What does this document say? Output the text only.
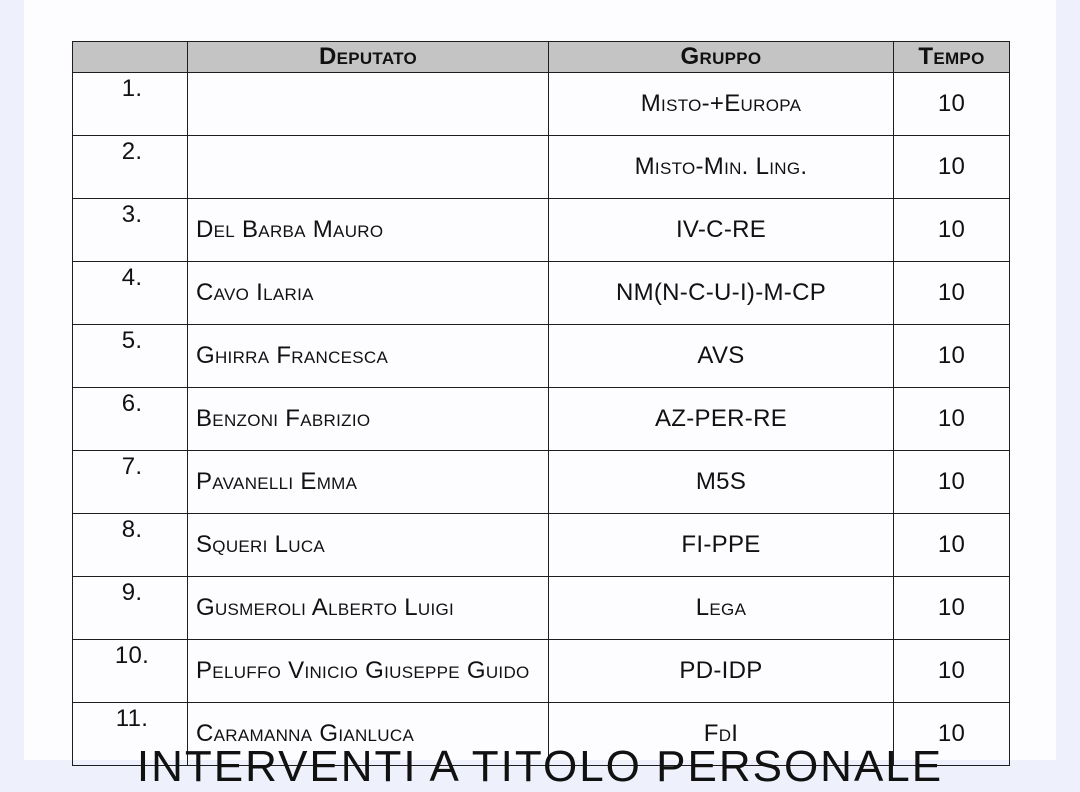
	Deputato	Gruppo	Tempo
1.		Misto-+Europa	10
2.		Misto-Min. Ling.	10
3.	Del Barba Mauro	IV-C-RE	10
4.	Cavo Ilaria	NM(N-C-U-I)-M-CP	10
5.	Ghirra Francesca	AVS	10
6.	Benzoni Fabrizio	AZ-PER-RE	10
7.	Pavanelli Emma	M5S	10
8.	Squeri Luca	FI-PPE	10
9.	Gusmeroli Alberto Luigi	Lega	10
10.	Peluffo Vinicio Giuseppe Guido	PD-IDP	10
11.	Caramanna Gianluca	FdI	10
INTERVENTI A TITOLO PERSONALE
